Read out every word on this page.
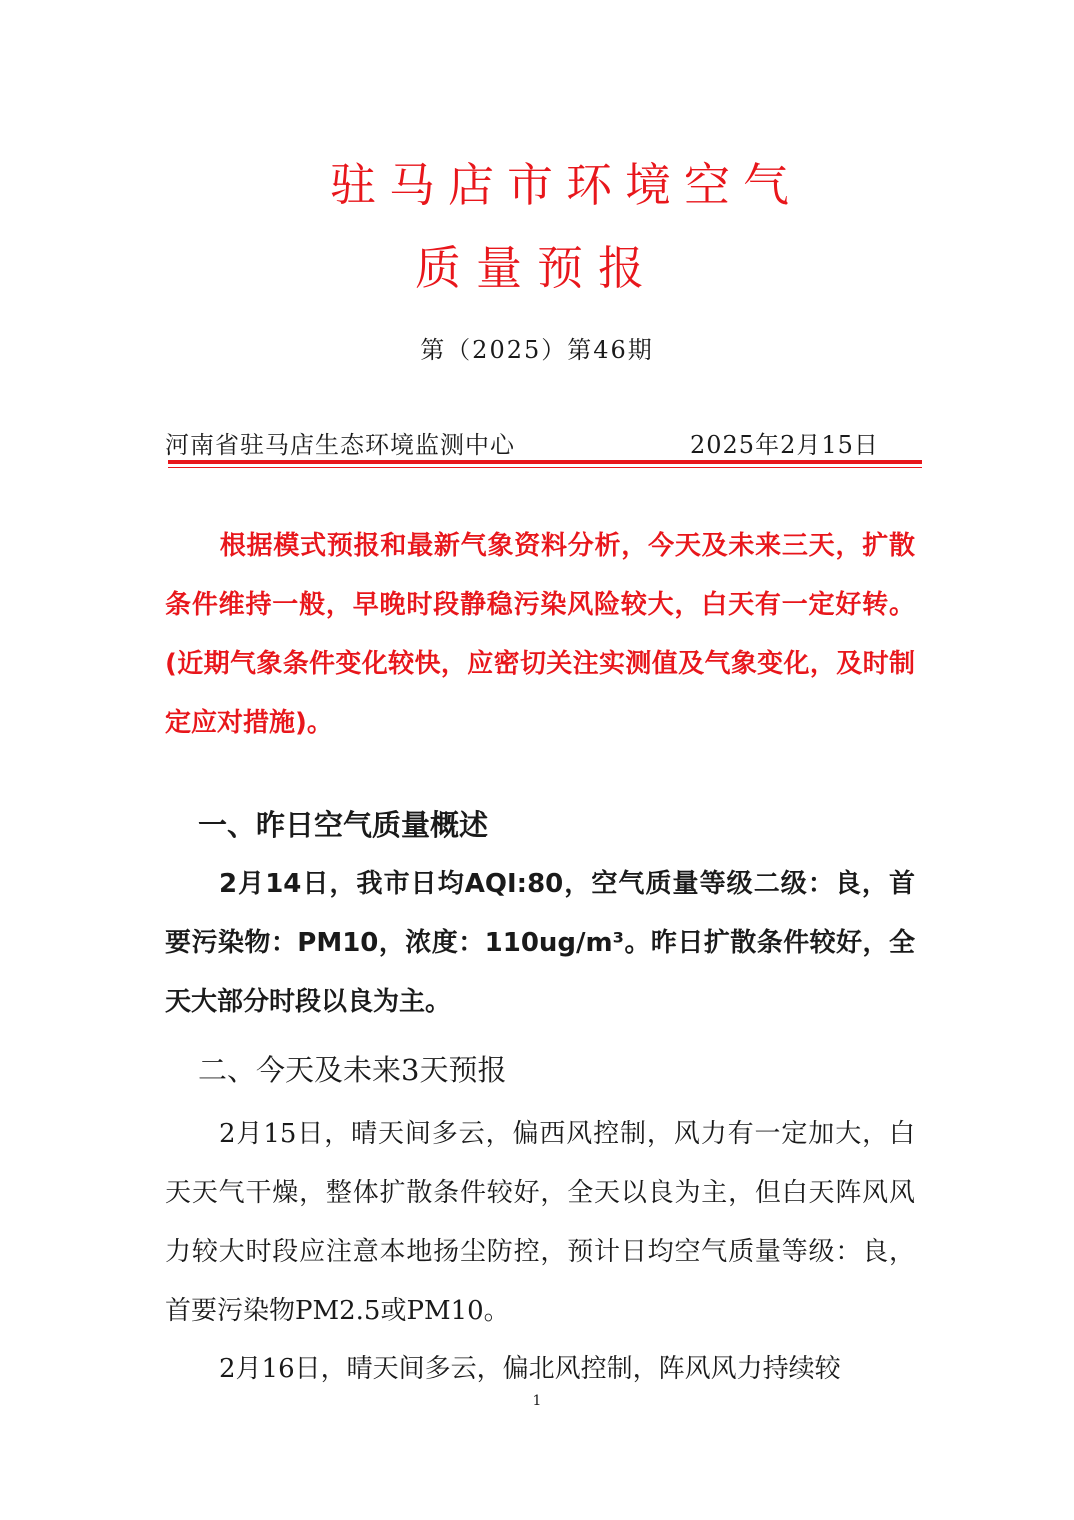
驻马店市环境空气
质量预报
第（2025）第46期
河南省驻马店生态环境监测中心	2025年2月15日
根据模式预报和最新气象资料分析，今天及未来三天，扩散条件维持一般，早晚时段静稳污染风险较大，白天有一定好转。(近期气象条件变化较快，应密切关注实测值及气象变化，及时制定应对措施)。
一、昨日空气质量概述
2月14日，我市日均AQI:80，空气质量等级二级：良，首要污染物：PM10，浓度：110ug/m³。昨日扩散条件较好，全天大部分时段以良为主。
二、今天及未来3天预报
2月15日，晴天间多云，偏西风控制，风力有一定加大，白天天气干燥，整体扩散条件较好，全天以良为主，但白天阵风风力较大时段应注意本地扬尘防控，预计日均空气质量等级：良，首要污染物PM2.5或PM10。
2月16日，晴天间多云，偏北风控制，阵风风力持续较
1
